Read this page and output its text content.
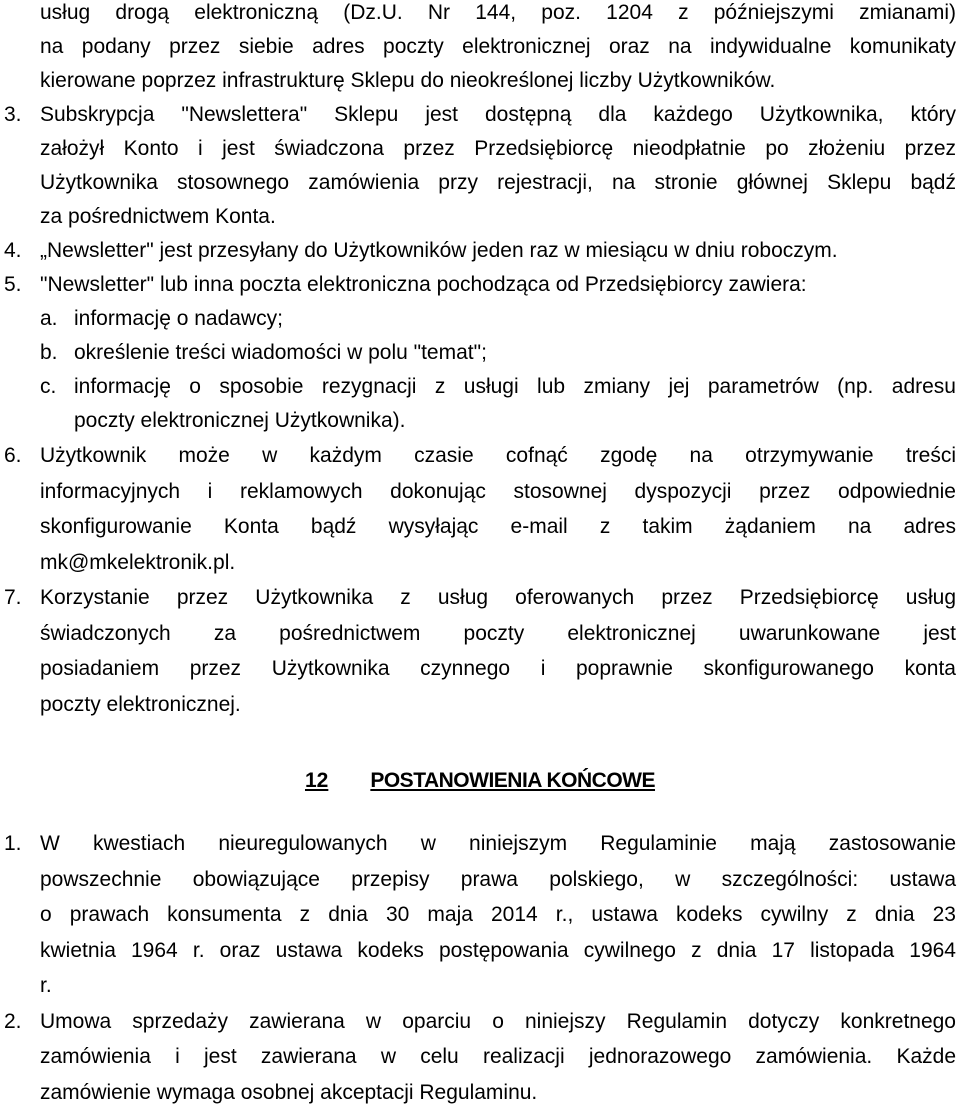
usług drogą elektroniczną (Dz.U. Nr 144, poz. 1204 z późniejszymi zmianami)
na podany przez siebie adres poczty elektronicznej oraz na indywidualne komunikaty
kierowane poprzez infrastrukturę Sklepu do nieokreślonej liczby Użytkowników.
3. Subskrypcja "Newslettera" Sklepu jest dostępną dla każdego Użytkownika, który
założył Konto i jest świadczona przez Przedsiębiorcę nieodpłatnie po złożeniu przez
Użytkownika stosownego zamówienia przy rejestracji, na stronie głównej Sklepu bądź
za pośrednictwem Konta.
4. „Newsletter" jest przesyłany do Użytkowników jeden raz w miesiącu w dniu roboczym.
5. "Newsletter" lub inna poczta elektroniczna pochodząca od Przedsiębiorcy zawiera:
a. informację o nadawcy;
b. określenie treści wiadomości w polu "temat";
c. informację o sposobie rezygnacji z usługi lub zmiany jej parametrów (np. adresu
poczty elektronicznej Użytkownika).
6. Użytkownik może w każdym czasie cofnąć zgodę na otrzymywanie treści
informacyjnych i reklamowych dokonując stosownej dyspozycji przez odpowiednie
skonfigurowanie Konta bądź wysyłając e-mail z takim żądaniem na adres
mk@mkelektronik.pl.
7. Korzystanie przez Użytkownika z usług oferowanych przez Przedsiębiorcę usług
świadczonych za pośrednictwem poczty elektronicznej uwarunkowane jest
posiadaniem przez Użytkownika czynnego i poprawnie skonfigurowanego konta
poczty elektronicznej.
12 POSTANOWIENIA KOŃCOWE
1. W kwestiach nieuregulowanych w niniejszym Regulaminie mają zastosowanie
powszechnie obowiązujące przepisy prawa polskiego, w szczególności: ustawa
o prawach konsumenta z dnia 30 maja 2014 r., ustawa kodeks cywilny z dnia 23
kwietnia 1964 r. oraz ustawa kodeks postępowania cywilnego z dnia 17 listopada 1964
r.
2. Umowa sprzedaży zawierana w oparciu o niniejszy Regulamin dotyczy konkretnego
zamówienia i jest zawierana w celu realizacji jednorazowego zamówienia. Każde
zamówienie wymaga osobnej akceptacji Regulaminu.
